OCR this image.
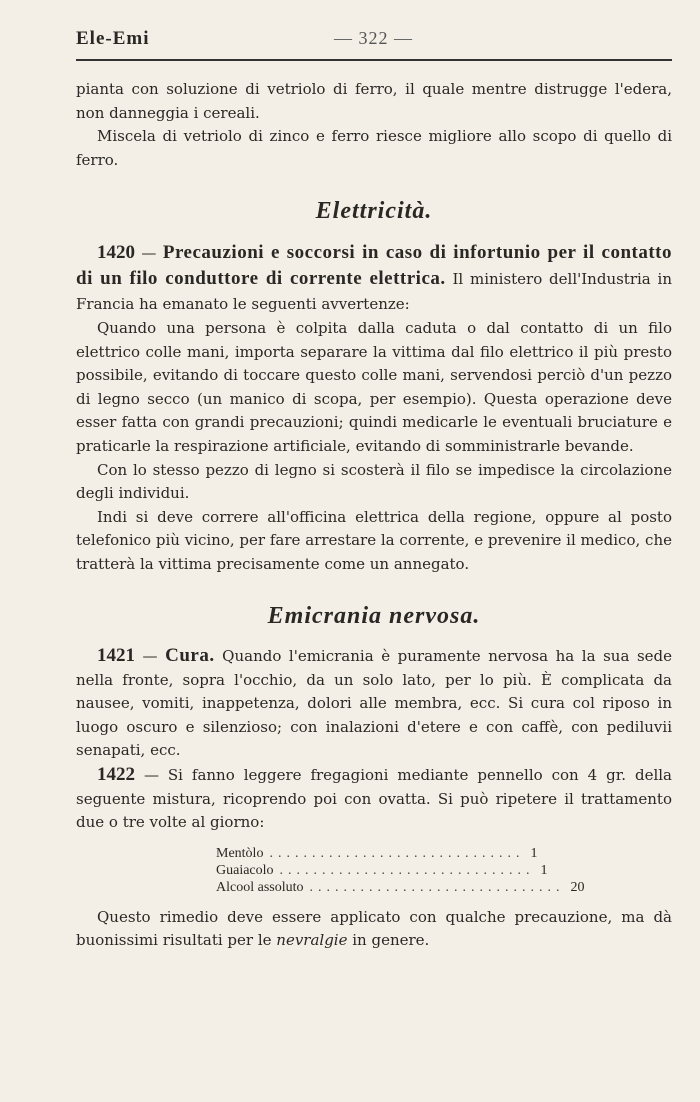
Ele-Emi	— 322 —

pianta con soluzione di vetriolo di ferro, il quale mentre distrugge l'edera, non danneggia i cereali.

Miscela di vetriolo di zinco e ferro riesce migliore allo scopo di quello di ferro.

Elettricità.

1420 — Precauzioni e soccorsi in caso di infortunio per il contatto di un filo conduttore di corrente elettrica. Il ministero dell'Industria in Francia ha emanato le seguenti avvertenze:

Quando una persona è colpita dalla caduta o dal contatto di un filo elettrico colle mani, importa separare la vittima dal filo elettrico il più presto possibile, evitando di toccare questo colle mani, servendosi perciò d'un pezzo di legno secco (un manico di scopa, per esempio). Questa operazione deve esser fatta con grandi precauzioni; quindi medicarle le eventuali bruciature e praticarle la respirazione artificiale, evitando di somministrarle bevande.

Con lo stesso pezzo di legno si scosterà il filo se impedisce la circolazione degli individui.

Indi si deve correre all'officina elettrica della regione, oppure al posto telefonico più vicino, per fare arrestare la corrente, e prevenire il medico, che tratterà la vittima precisamente come un annegato.

Emicrania nervosa.

1421 — Cura. Quando l'emicrania è puramente nervosa ha la sua sede nella fronte, sopra l'occhio, da un solo lato, per lo più. È complicata da nausee, vomiti, inappetenza, dolori alle membra, ecc. Si cura col riposo in luogo oscuro e silenzioso; con inalazioni d'etere e con caffè, con pediluvii senapati, ecc.

1422 — Si fanno leggere fregagioni mediante pennello con 4 gr. della seguente mistura, ricoprendo poi con ovatta. Si può ripetere il trattamento due o tre volte al giorno:

Mentòlo .............................. 1
Guaiacolo .............................. 1
Alcool assoluto .............................. 20

Questo rimedio deve essere applicato con qualche precauzione, ma dà buonissimi risultati per le nevralgie in genere.
